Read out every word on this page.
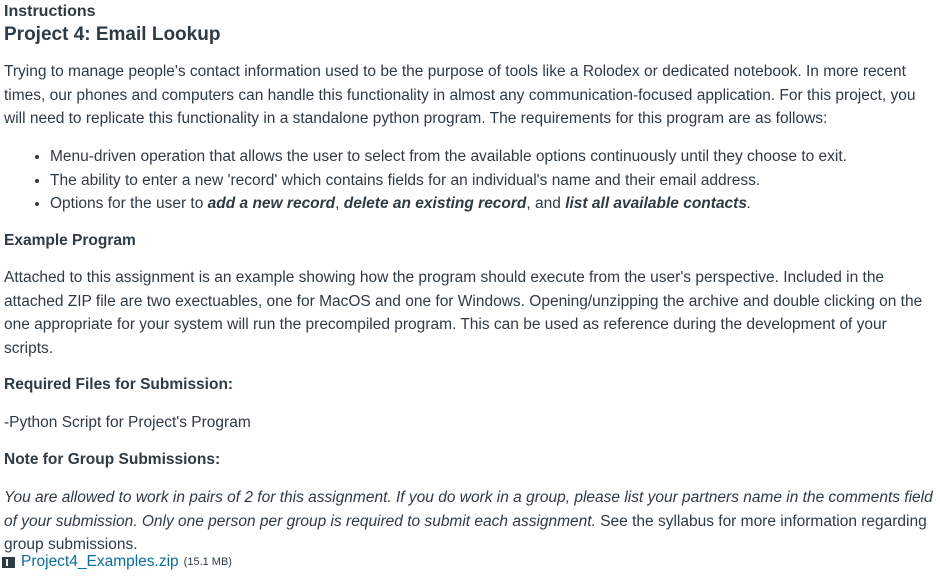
Instructions
Project 4: Email Lookup

Trying to manage people's contact information used to be the purpose of tools like a Rolodex or dedicated notebook. In more recent times, our phones and computers can handle this functionality in almost any communication-focused application. For this project, you will need to replicate this functionality in a standalone python program. The requirements for this program are as follows:

• Menu-driven operation that allows the user to select from the available options continuously until they choose to exit.
• The ability to enter a new 'record' which contains fields for an individual's name and their email address.
• Options for the user to add a new record, delete an existing record, and list all available contacts.
Example Program

Attached to this assignment is an example showing how the program should execute from the user's perspective. Included in the attached ZIP file are two exectuables, one for MacOS and one for Windows. Opening/unzipping the archive and double clicking on the one appropriate for your system will run the precompiled program. This can be used as reference during the development of your scripts.

Required Files for Submission:

-Python Script for Project's Program

Note for Group Submissions:

You are allowed to work in pairs of 2 for this assignment. If you do work in a group, please list your partners name in the comments field of your submission. Only one person per group is required to submit each assignment. See the syllabus for more information regarding group submissions.

Project4_Examples.zip (15.1 MB)
